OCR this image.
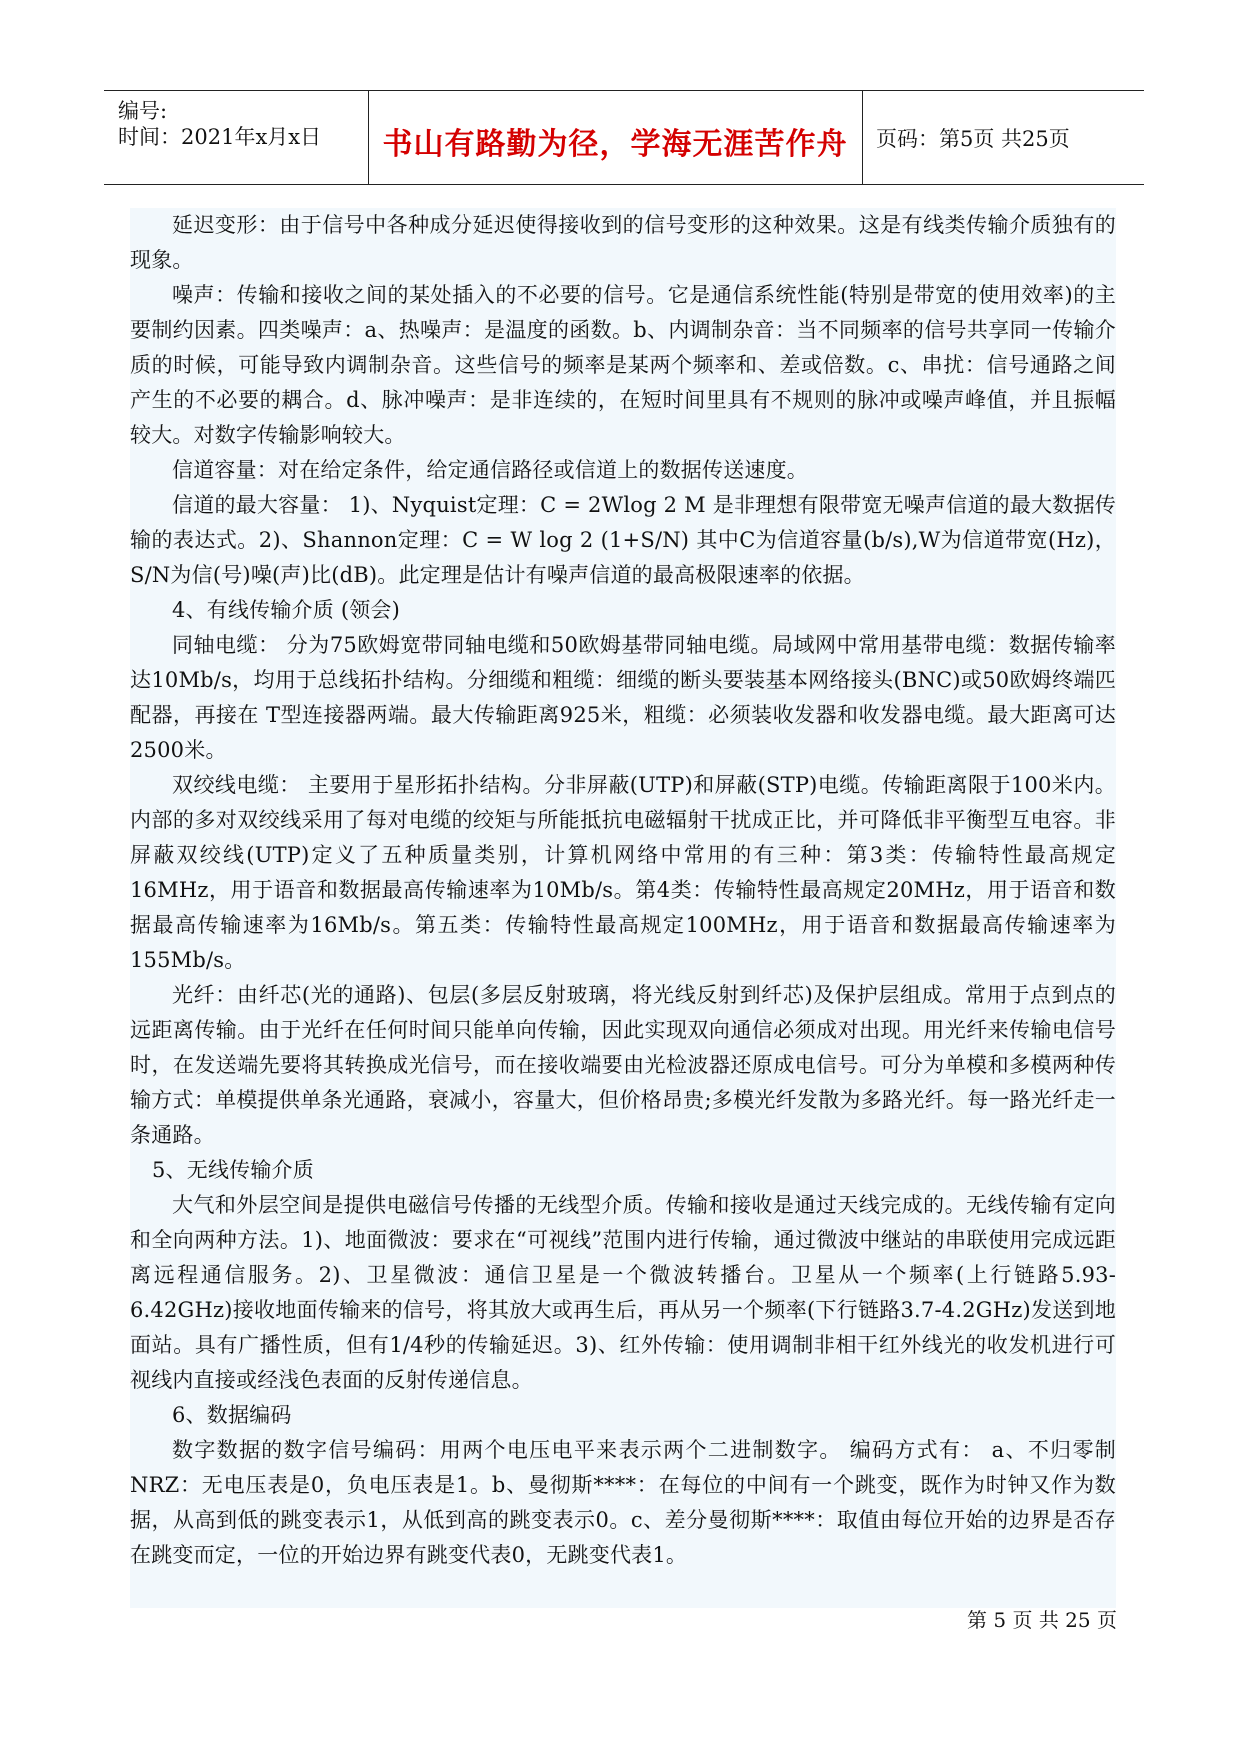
编号:
时间：2021年x月x日	书山有路勤为径，学海无涯苦作舟	页码：第5页 共25页

延迟变形：由于信号中各种成分延迟使得接收到的信号变形的这种效果。这是有线类传输介质独有的现象。

噪声：传输和接收之间的某处插入的不必要的信号。它是通信系统性能(特别是带宽的使用效率)的主要制约因素。四类噪声：a、热噪声：是温度的函数。b、内调制杂音：当不同频率的信号共享同一传输介质的时候，可能导致内调制杂音。这些信号的频率是某两个频率和、差或倍数。c、串扰：信号通路之间产生的不必要的耦合。d、脉冲噪声：是非连续的，在短时间里具有不规则的脉冲或噪声峰值，并且振幅较大。对数字传输影响较大。

信道容量：对在给定条件，给定通信路径或信道上的数据传送速度。

信道的最大容量： 1)、Nyquist定理：C = 2Wlog 2 M 是非理想有限带宽无噪声信道的最大数据传输的表达式。2)、Shannon定理：C = W log 2 (1+S/N) 其中C为信道容量(b/s),W为信道带宽(Hz)，S/N为信(号)噪(声)比(dB)。此定理是估计有噪声信道的最高极限速率的依据。

4、有线传输介质 (领会)

同轴电缆： 分为75欧姆宽带同轴电缆和50欧姆基带同轴电缆。局域网中常用基带电缆：数据传输率达10Mb/s，均用于总线拓扑结构。分细缆和粗缆：细缆的断头要装基本网络接头(BNC)或50欧姆终端匹配器，再接在 T型连接器两端。最大传输距离925米，粗缆：必须装收发器和收发器电缆。最大距离可达2500米。

双绞线电缆： 主要用于星形拓扑结构。分非屏蔽(UTP)和屏蔽(STP)电缆。传输距离限于100米内。内部的多对双绞线采用了每对电缆的绞矩与所能抵抗电磁辐射干扰成正比，并可降低非平衡型互电容。非屏蔽双绞线(UTP)定义了五种质量类别，计算机网络中常用的有三种：第3类：传输特性最高规定16MHz，用于语音和数据最高传输速率为10Mb/s。第4类：传输特性最高规定20MHz，用于语音和数据最高传输速率为16Mb/s。第五类：传输特性最高规定100MHz，用于语音和数据最高传输速率为155Mb/s。

光纤：由纤芯(光的通路)、包层(多层反射玻璃，将光线反射到纤芯)及保护层组成。常用于点到点的远距离传输。由于光纤在任何时间只能单向传输，因此实现双向通信必须成对出现。用光纤来传输电信号时，在发送端先要将其转换成光信号，而在接收端要由光检波器还原成电信号。可分为单模和多模两种传输方式：单模提供单条光通路，衰减小，容量大，但价格昂贵;多模光纤发散为多路光纤。每一路光纤走一条通路。

5、无线传输介质

大气和外层空间是提供电磁信号传播的无线型介质。传输和接收是通过天线完成的。无线传输有定向和全向两种方法。1)、地面微波：要求在“可视线”范围内进行传输，通过微波中继站的串联使用完成远距离远程通信服务。2)、卫星微波：通信卫星是一个微波转播台。卫星从一个频率(上行链路5.93-6.42GHz)接收地面传输来的信号，将其放大或再生后，再从另一个频率(下行链路3.7-4.2GHz)发送到地面站。具有广播性质，但有1/4秒的传输延迟。3)、红外传输：使用调制非相干红外线光的收发机进行可视线内直接或经浅色表面的反射传递信息。

6、数据编码

数字数据的数字信号编码：用两个电压电平来表示两个二进制数字。 编码方式有： a、不归零制NRZ：无电压表是0，负电压表是1。b、曼彻斯****：在每位的中间有一个跳变，既作为时钟又作为数据，从高到低的跳变表示1，从低到高的跳变表示0。c、差分曼彻斯****：取值由每位开始的边界是否存在跳变而定，一位的开始边界有跳变代表0，无跳变代表1。

第 5 页 共 25 页
